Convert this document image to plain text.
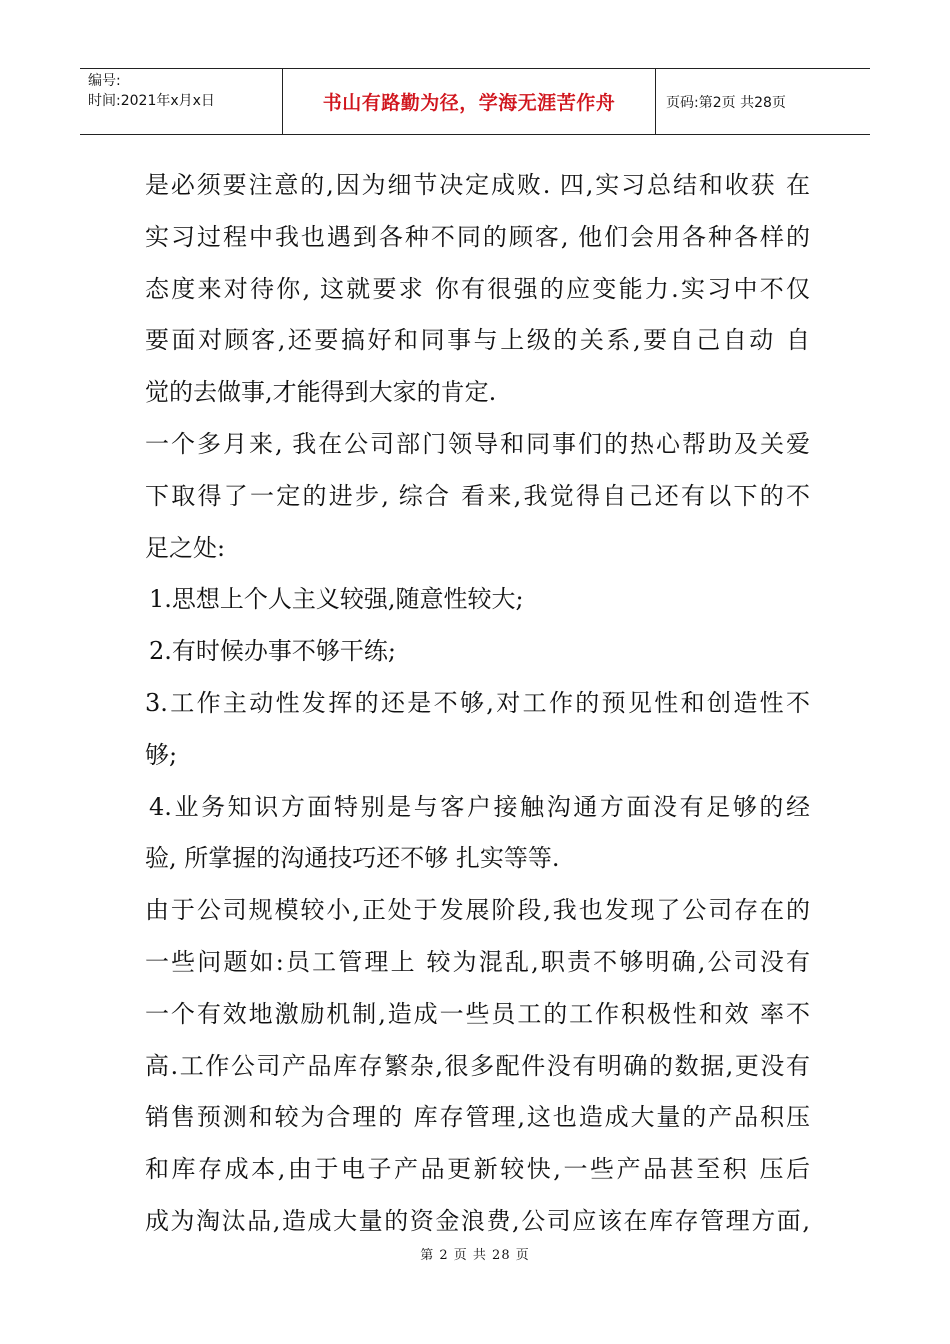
编号:
时间:2021年x月x日	书山有路勤为径，学海无涯苦作舟	页码:第2页 共28页
是必须要注意的,因为细节决定成败. 四,实习总结和收获 在
实习过程中我也遇到各种不同的顾客, 他们会用各种各样的
态度来对待你, 这就要求 你有很强的应变能力.实习中不仅
要面对顾客,还要搞好和同事与上级的关系,要自己自动 自
觉的去做事,才能得到大家的肯定.
一个多月来, 我在公司部门领导和同事们的热心帮助及关爱
下取得了一定的进步, 综合 看来,我觉得自己还有以下的不
足之处:
1.思想上个人主义较强,随意性较大;
2.有时候办事不够干练;
3.工作主动性发挥的还是不够,对工作的预见性和创造性不
够;
4.业务知识方面特别是与客户接触沟通方面没有足够的经
验, 所掌握的沟通技巧还不够 扎实等等.
由于公司规模较小,正处于发展阶段,我也发现了公司存在的
一些问题如:员工管理上 较为混乱,职责不够明确,公司没有
一个有效地激励机制,造成一些员工的工作积极性和效 率不
高.工作公司产品库存繁杂,很多配件没有明确的数据,更没有
销售预测和较为合理的 库存管理,这也造成大量的产品积压
和库存成本,由于电子产品更新较快,一些产品甚至积 压后
成为淘汰品,造成大量的资金浪费,公司应该在库存管理方面,
第 2 页 共 28 页
